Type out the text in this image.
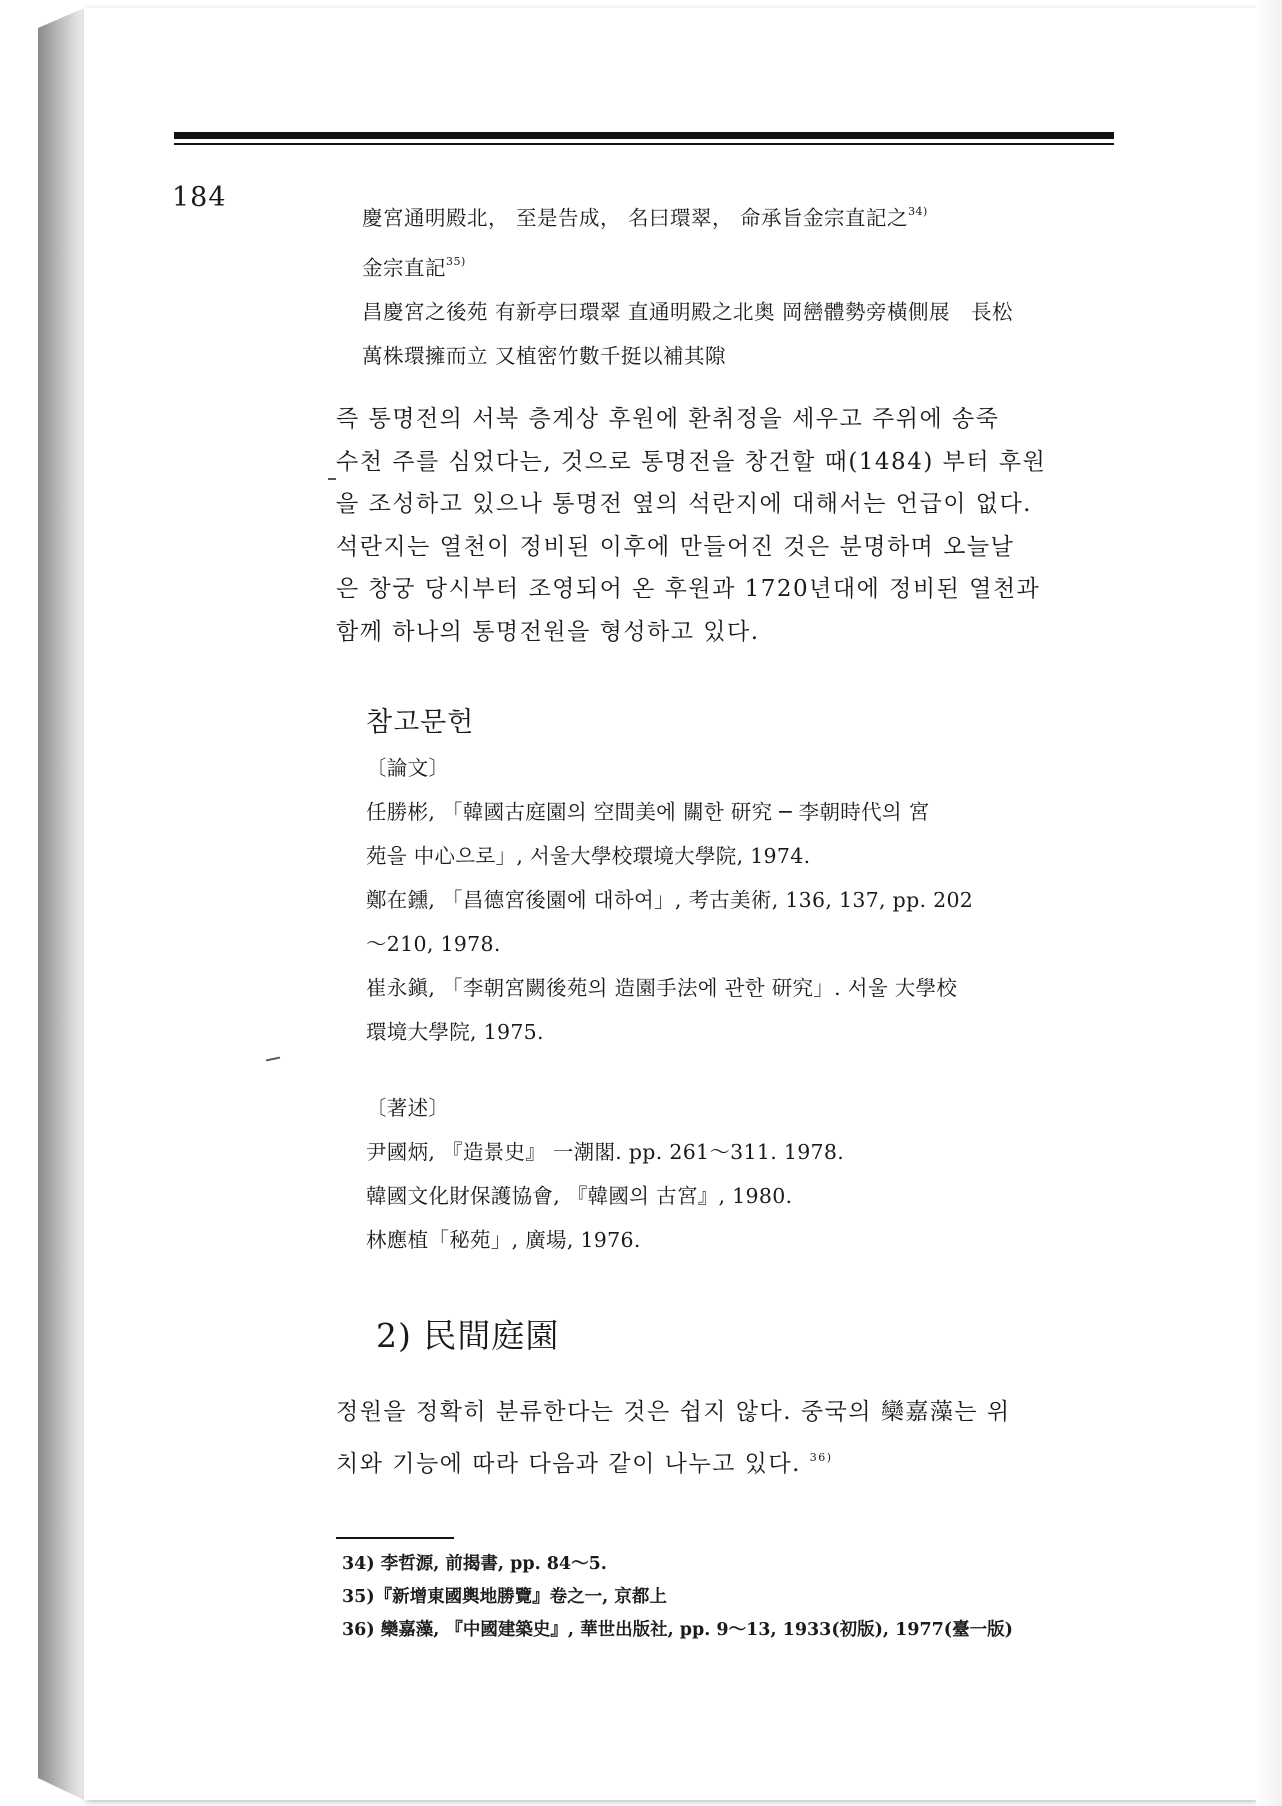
184

慶宮通明殿北， 至是告成， 名曰環翠， 命承旨金宗直記之$^{34)}$

金宗直記$^{35)}$

昌慶宮之後苑 有新亭曰環翠 直通明殿之北奥 岡巒體勢旁橫側展　長松

萬株環擁而立 又植密竹數千挺以補其隙

즉 통명전의 서북 층계상 후원에 환취정을 세우고 주위에 송죽

수천 주를 심었다는, 것으로 통명전을 창건할 때(1484) 부터 후원

을 조성하고 있으나 통명전 옆의 석란지에 대해서는 언급이 없다.

석란지는 열천이 정비된 이후에 만들어진 것은 분명하며 오늘날

은 창궁 당시부터 조영되어 온 후원과 1720년대에 정비된 열천과

함께 하나의 통명전원을 형성하고 있다.

참고문헌

〔論文〕

任勝彬, 「韓國古庭園의 空間美에 關한 研究 ─ 李朝時代의 宮

苑을 中心으로」, 서울大學校環境大學院, 1974.

鄭在鑂, 「昌德宮後園에 대하여」, 考古美術, 136, 137, pp. 202

～210, 1978.

崔永鎭, 「李朝宮闕後苑의 造園手法에 관한 研究」. 서울 大學校

環境大學院, 1975.

〔著述〕

尹國炳, 『造景史』 一潮閣. pp. 261～311. 1978.

韓國文化財保護協會, 『韓國의 古宮』, 1980.

林應植「秘苑」, 廣場, 1976.

2) 民間庭園

정원을 정확히 분류한다는 것은 쉽지 않다. 중국의 欒嘉藻는 위

치와 기능에 따라 다음과 같이 나누고 있다. $^{36)}$

34) 李哲源, 前揭書, pp. 84～5.

35)『新增東國輿地勝覽』卷之一, 京都上

36) 欒嘉藻, 『中國建築史』, 華世出版社, pp. 9～13, 1933(初版), 1977(臺一版)
